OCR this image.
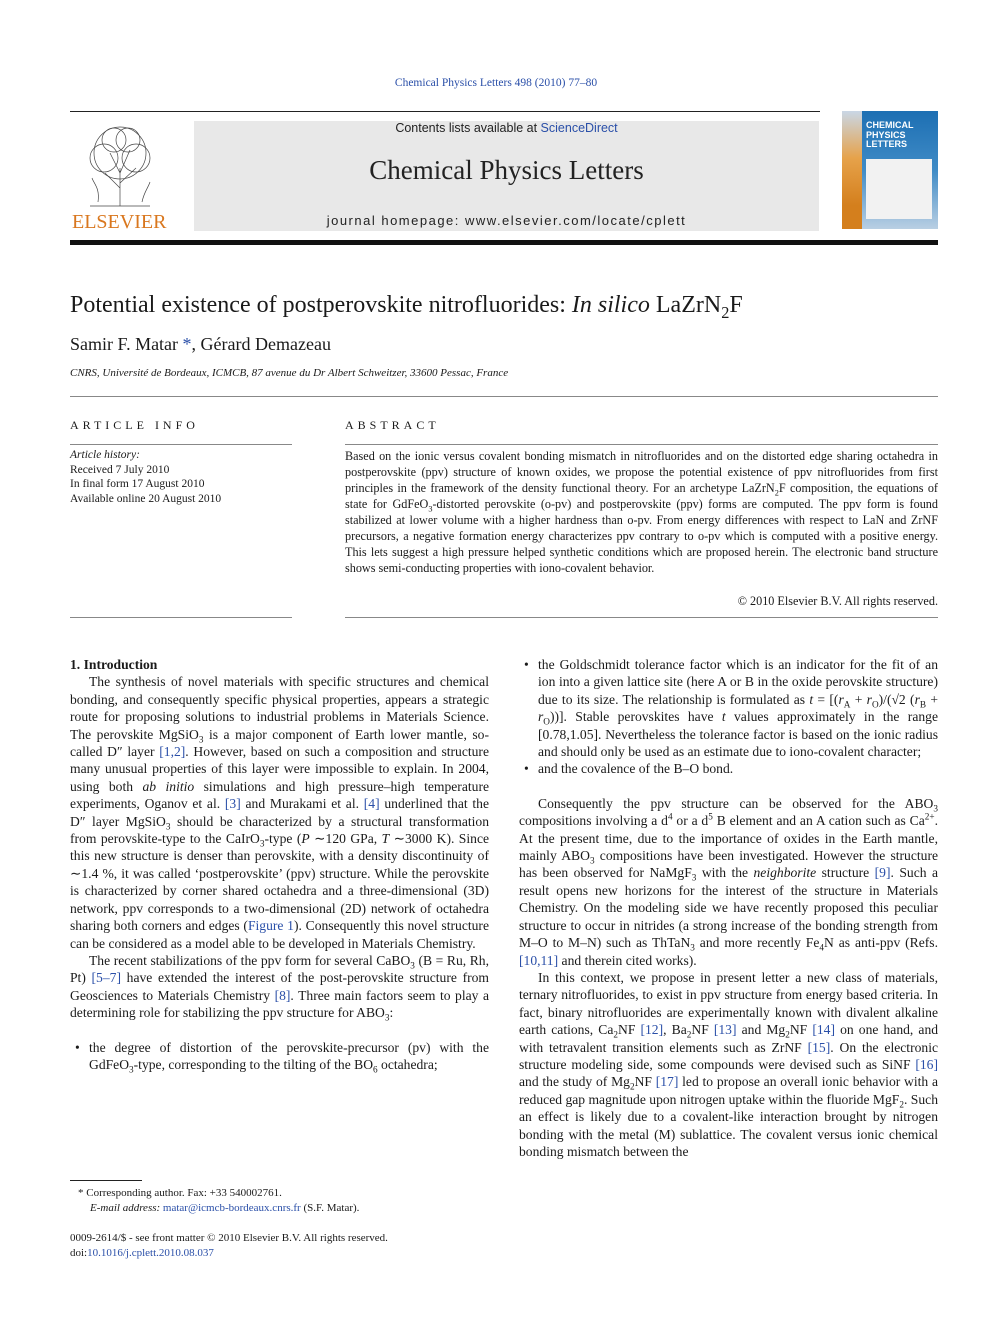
Chemical Physics Letters 498 (2010) 77–80
ELSEVIER
Contents lists available at ScienceDirect
Chemical Physics Letters
journal homepage: www.elsevier.com/locate/cplett
CHEMICAL
PHYSICS
LETTERS
Potential existence of postperovskite nitrofluorides: In silico LaZrN$_2$F
Samir F. Matar *, Gérard Demazeau
CNRS, Université de Bordeaux, ICMCB, 87 avenue du Dr Albert Schweitzer, 33600 Pessac, France
ARTICLE INFO
Article history:
Received 7 July 2010
In final form 17 August 2010
Available online 20 August 2010
ABSTRACT
Based on the ionic versus covalent bonding mismatch in nitrofluorides and on the distorted edge sharing octahedra in postperovskite (ppv) structure of known oxides, we propose the potential existence of ppv nitrofluorides from first principles in the framework of the density functional theory. For an archetype LaZrN$_2$F composition, the equations of state for GdFeO$_3$-distorted perovskite (o-pv) and postperovskite (ppv) forms are computed. The ppv form is found stabilized at lower volume with a higher hardness than o-pv. From energy differences with respect to LaN and ZrNF precursors, a negative formation energy characterizes ppv contrary to o-pv which is computed with a positive energy. This lets suggest a high pressure helped synthetic conditions which are proposed herein. The electronic band structure shows semi-conducting properties with iono-covalent behavior.
© 2010 Elsevier B.V. All rights reserved.

1. Introduction

The synthesis of novel materials with specific structures and chemical bonding, and consequently specific physical properties, appears a strategic route for proposing solutions to industrial problems in Materials Science. The perovskite MgSiO$_3$ is a major component of Earth lower mantle, so-called D″ layer [1,2]. However, based on such a composition and structure many unusual properties of this layer were impossible to explain. In 2004, using both ab initio simulations and high pressure–high temperature experiments, Oganov et al. [3] and Murakami et al. [4] underlined that the D″ layer MgSiO$_3$ should be characterized by a structural transformation from perovskite-type to the CaIrO$_3$-type (P ∼120 GPa, T ∼3000 K). Since this new structure is denser than perovskite, with a density discontinuity of ∼1.4 %, it was called ‘postperovskite’ (ppv) structure. While the perovskite is characterized by corner shared octahedra and a three-dimensional (3D) network, ppv corresponds to a two-dimensional (2D) network of octahedra sharing both corners and edges (Figure 1). Consequently this novel structure can be considered as a model able to be developed in Materials Chemistry.

The recent stabilizations of the ppv form for several CaBO$_3$ (B = Ru, Rh, Pt) [5–7] have extended the interest of the post-perovskite structure from Geosciences to Materials Chemistry [8]. Three main factors seem to play a determining role for stabilizing the ppv structure for $ABO_3$:

• the degree of distortion of the perovskite-precursor (pv) with the GdFeO$_3$-type, corresponding to the tilting of the $BO_6$ octahedra;
* Corresponding author. Fax: +33 540002761.
E-mail address: matar@icmcb-bordeaux.cnrs.fr (S.F. Matar).
0009-2614/$ - see front matter © 2010 Elsevier B.V. All rights reserved.
doi:10.1016/j.cplett.2010.08.037
• the Goldschmidt tolerance factor which is an indicator for the fit of an ion into a given lattice site (here A or B in the oxide perovskite structure) due to its size. The relationship is formulated as $t = [(r_A + r_O)/(√2$ $(r_B + r_O)$)]. Stable perovskites have t values approximately in the range [0.78,1.05]. Nevertheless the tolerance factor is based on the ionic radius and should only be used as an estimate due to iono-covalent character;
• and the covalence of the B–O bond.

Consequently the ppv structure can be observed for the $ABO_3$ compositions involving a $d^4$ or a $d^5$ B element and an A cation such as $Ca^{2+}$. At the present time, due to the importance of oxides in the Earth mantle, mainly $ABO_3$ compositions have been investigated. However the structure has been observed for NaMgF$_3$ with the neighborite structure [9]. Such a result opens new horizons for the interest of the structure in Materials Chemistry. On the modeling side we have recently proposed this peculiar structure to occur in nitrides (a strong increase of the bonding strength from M–O to M–N) such as ThTaN$_3$ and more recently $Fe_4N$ as anti-ppv (Refs. [10,11] and therein cited works).

In this context, we propose in present letter a new class of materials, ternary nitrofluorides, to exist in ppv structure from energy based criteria. In fact, binary nitrofluorides are experimentally known with divalent alkaline earth cations, $Ca_2NF$ [12], $Ba_2NF$ [13] and $Mg_2NF$ [14] on one hand, and with tetravalent transition elements such as ZrNF [15]. On the electronic structure modeling side, some compounds were devised such as SiNF [16] and the study of $Mg_2NF$ [17] led to propose an overall ionic behavior with a reduced gap magnitude upon nitrogen uptake within the fluoride MgF$_2$. Such an effect is likely due to a covalent-like interaction brought by nitrogen bonding with the metal (M) sublattice. The covalent versus ionic chemical bonding mismatch between the
